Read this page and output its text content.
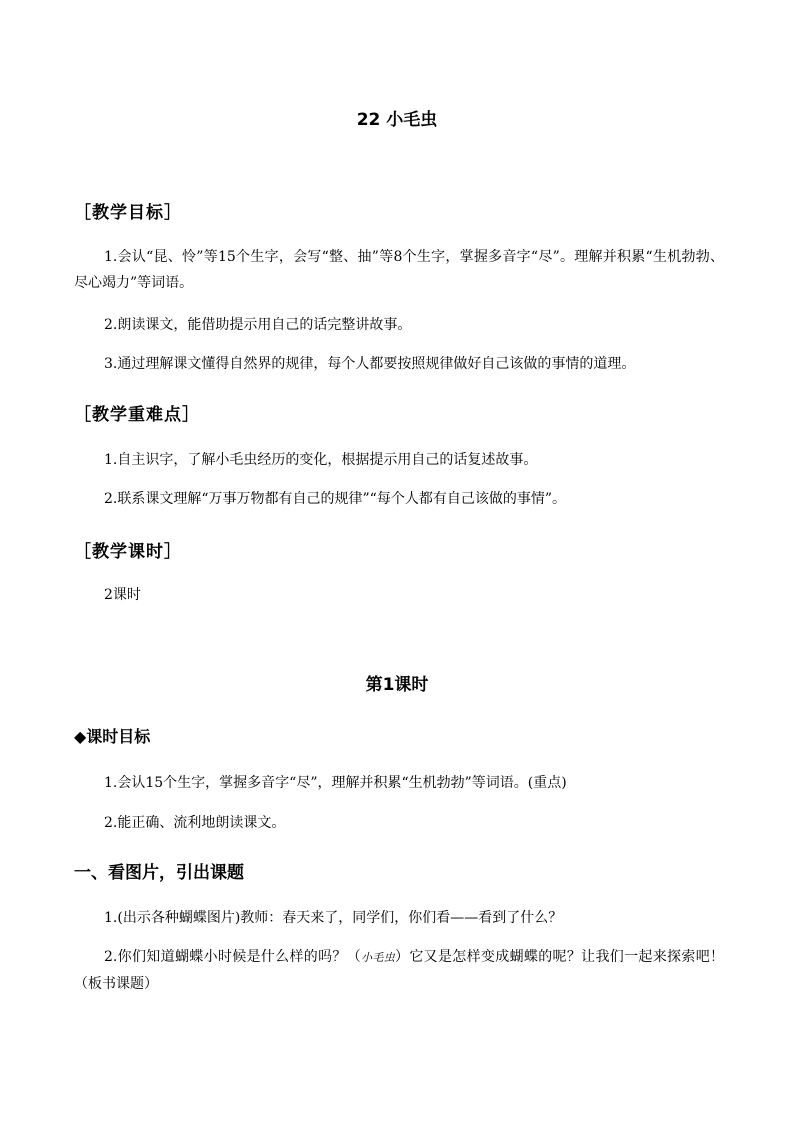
22 小毛虫
［教学目标］
1.会认“昆、怜”等15个生字，会写“整、抽”等8个生字，掌握多音字“尽”。理解并积累“生机勃勃、尽心竭力”等词语。
2.朗读课文，能借助提示用自己的话完整讲故事。
3.通过理解课文懂得自然界的规律，每个人都要按照规律做好自己该做的事情的道理。
［教学重难点］
1.自主识字，了解小毛虫经历的变化，根据提示用自己的话复述故事。
2.联系课文理解“万事万物都有自己的规律”“每个人都有自己该做的事情”。
［教学课时］
2课时
第1课时
◆课时目标
1.会认15个生字，掌握多音字“尽”，理解并积累“生机勃勃”等词语。(重点)
2.能正确、流利地朗读课文。
一、看图片，引出课题
1.(出示各种蝴蝶图片)教师：春天来了，同学们，你们看——看到了什么？
2.你们知道蝴蝶小时候是什么样的吗？（小毛虫）它又是怎样变成蝴蝶的呢？让我们一起来探索吧！（板书课题）
